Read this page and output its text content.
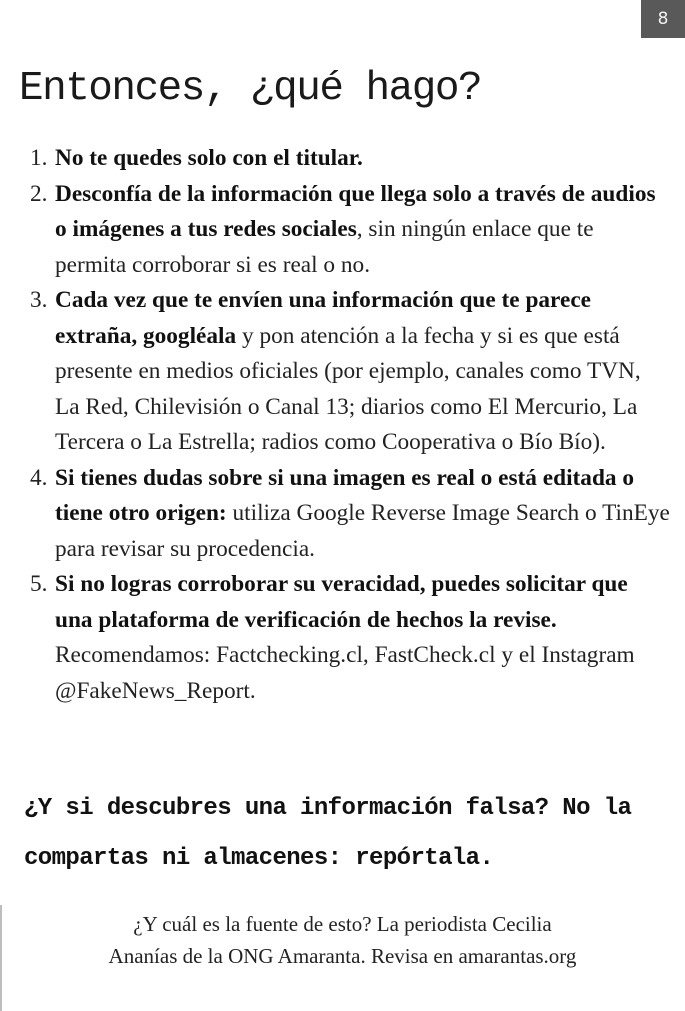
8
Entonces, ¿qué hago?
1. No te quedes solo con el titular.
2. Desconfía de la información que llega solo a través de audios o imágenes a tus redes sociales, sin ningún enlace que te permita corroborar si es real o no.
3. Cada vez que te envíen una información que te parece extraña, googléala y pon atención a la fecha y si es que está presente en medios oficiales (por ejemplo, canales como TVN, La Red, Chilevisión o Canal 13; diarios como El Mercurio, La Tercera o La Estrella; radios como Cooperativa o Bío Bío).
4. Si tienes dudas sobre si una imagen es real o está editada o tiene otro origen: utiliza Google Reverse Image Search o TinEye para revisar su procedencia.
5. Si no logras corroborar su veracidad, puedes solicitar que una plataforma de verificación de hechos la revise. Recomendamos: Factchecking.cl, FastCheck.cl y el Instagram @FakeNews_Report.

¿Y si descubres una información falsa? No la compartas ni almacenes: repórtala.

¿Y cuál es la fuente de esto? La periodista Cecilia
Ananías de la ONG Amaranta. Revisa en amarantas.org
